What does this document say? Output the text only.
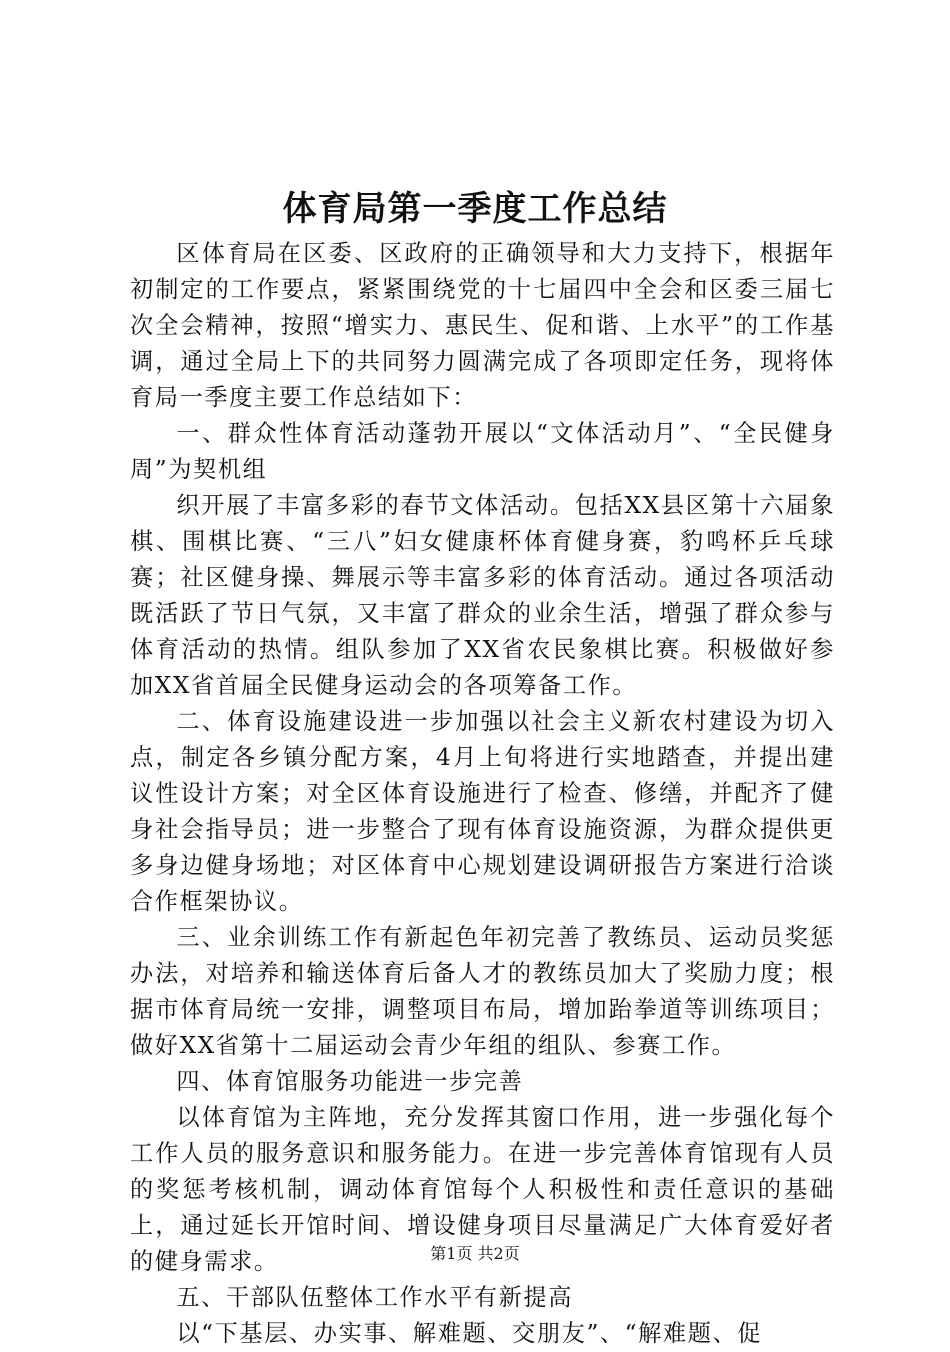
体育局第一季度工作总结

区体育局在区委、区政府的正确领导和大力支持下，根据年初制定的工作要点，紧紧围绕党的十七届四中全会和区委三届七次全会精神，按照“增实力、惠民生、促和谐、上水平”的工作基调，通过全局上下的共同努力圆满完成了各项即定任务，现将体育局一季度主要工作总结如下：

一、群众性体育活动蓬勃开展以“文体活动月”、“全民健身周”为契机组

织开展了丰富多彩的春节文体活动。包括XX县区第十六届象棋、围棋比赛、“三八”妇女健康杯体育健身赛，豹鸣杯乒乓球赛；社区健身操、舞展示等丰富多彩的体育活动。通过各项活动既活跃了节日气氛，又丰富了群众的业余生活，增强了群众参与体育活动的热情。组队参加了XX省农民象棋比赛。积极做好参加XX省首届全民健身运动会的各项筹备工作。

二、体育设施建设进一步加强以社会主义新农村建设为切入点，制定各乡镇分配方案，4月上旬将进行实地踏查，并提出建议性设计方案；对全区体育设施进行了检查、修缮，并配齐了健身社会指导员；进一步整合了现有体育设施资源，为群众提供更多身边健身场地；对区体育中心规划建设调研报告方案进行洽谈合作框架协议。

三、业余训练工作有新起色年初完善了教练员、运动员奖惩办法，对培养和输送体育后备人才的教练员加大了奖励力度；根据市体育局统一安排，调整项目布局，增加跆拳道等训练项目；做好XX省第十二届运动会青少年组的组队、参赛工作。

四、体育馆服务功能进一步完善

以体育馆为主阵地，充分发挥其窗口作用，进一步强化每个工作人员的服务意识和服务能力。在进一步完善体育馆现有人员的奖惩考核机制，调动体育馆每个人积极性和责任意识的基础上，通过延长开馆时间、增设健身项目尽量满足广大体育爱好者的健身需求。

五、干部队伍整体工作水平有新提高

以“下基层、办实事、解难题、交朋友”、“解难题、促

第1页 共2页
